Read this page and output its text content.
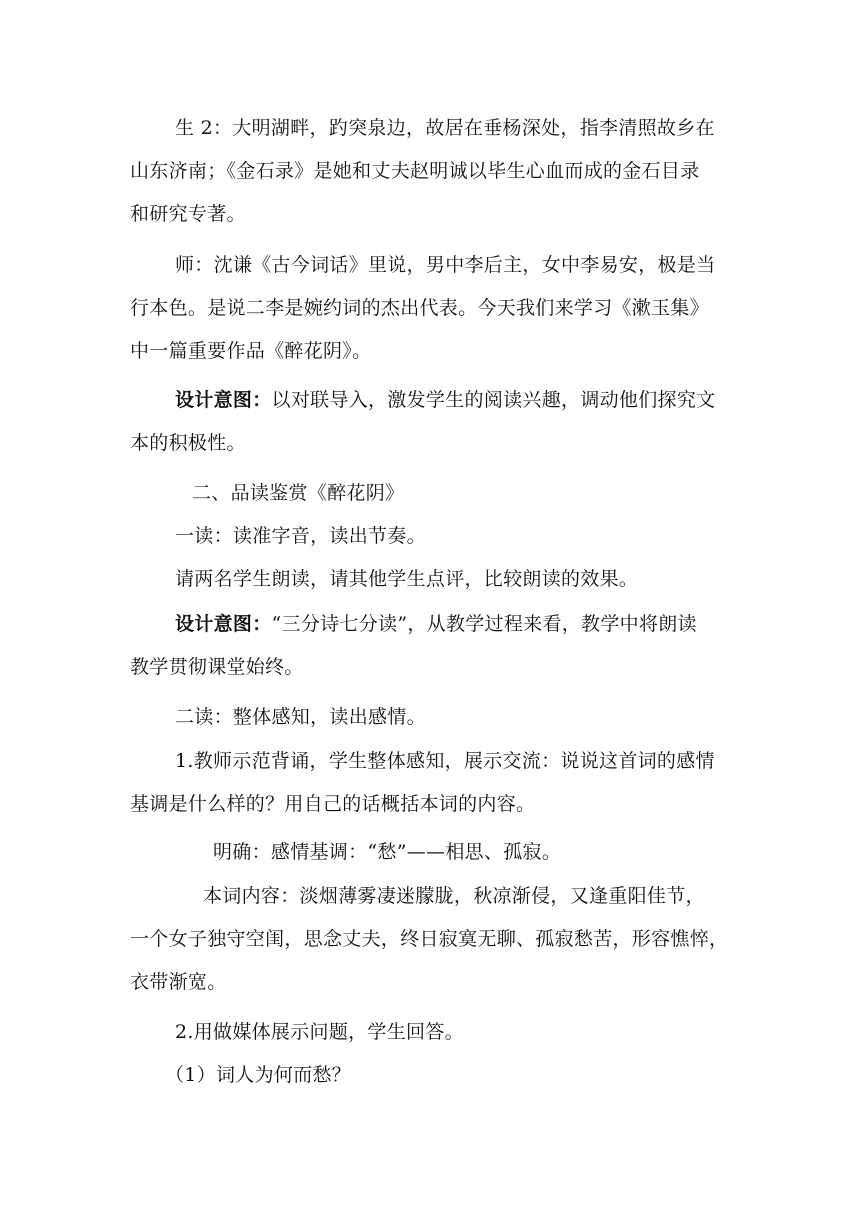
生 2：大明湖畔，趵突泉边，故居在垂杨深处，指李清照故乡在
山东济南；《金石录》是她和丈夫赵明诚以毕生心血而成的金石目录
和研究专著。
师：沈谦《古今词话》里说，男中李后主，女中李易安，极是当
行本色。是说二李是婉约词的杰出代表。今天我们来学习《漱玉集》
中一篇重要作品《醉花阴》。
设计意图：以对联导入，激发学生的阅读兴趣，调动他们探究文
本的积极性。
二、品读鉴赏《醉花阴》
一读：读准字音，读出节奏。
请两名学生朗读，请其他学生点评，比较朗读的效果。
设计意图：“三分诗七分读”，从教学过程来看，教学中将朗读
教学贯彻课堂始终。
二读：整体感知，读出感情。
1.教师示范背诵，学生整体感知，展示交流：说说这首词的感情
基调是什么样的？用自己的话概括本词的内容。
明确：感情基调：“愁”——相思、孤寂。
本词内容：淡烟薄雾凄迷朦胧，秋凉渐侵，又逢重阳佳节，
一个女子独守空闺，思念丈夫，终日寂寞无聊、孤寂愁苦，形容憔悴，
衣带渐宽。
2.用做媒体展示问题，学生回答。
（1）词人为何而愁？
